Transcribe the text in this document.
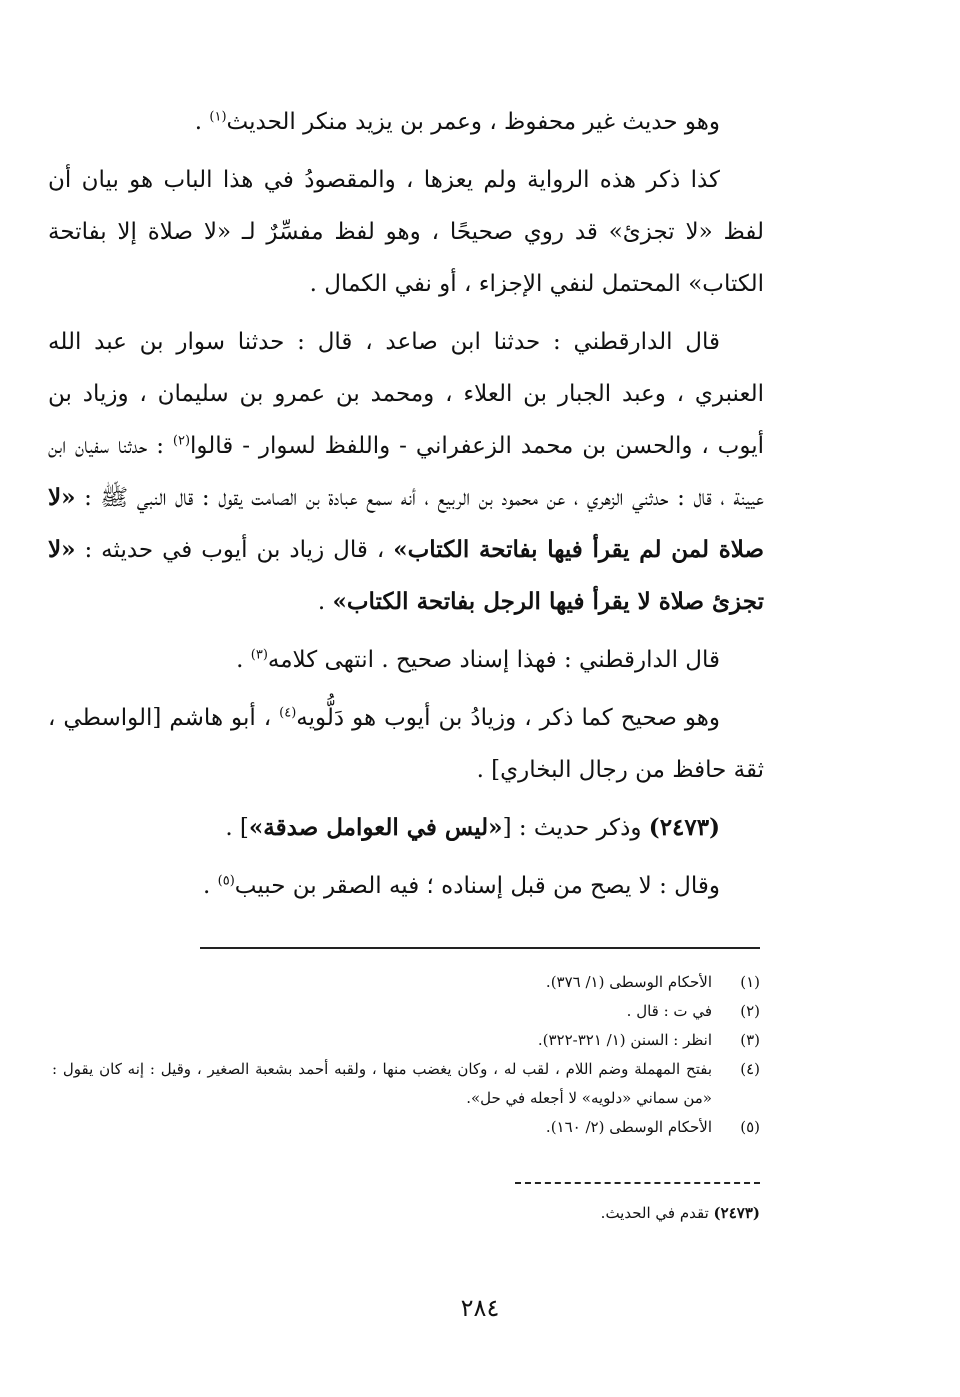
وهو حديث غير محفوظ ، وعمر بن يزيد منكر الحديث$^{(١)}$ .

كذا ذكر هذه الرواية ولم يعزها ، والمقصودُ في هذا الباب هو بيان أن لفظ «لا تجزئ» قد روي صحيحًا ، وهو لفظ مفسِّرٌ لـ «لا صلاة إلا بفاتحة الكتاب» المحتمل لنفي الإجزاء ، أو نفي الكمال .

قال الدارقطني : حدثنا ابن صاعد ، قال : حدثنا سوار بن عبد الله العنبري ، وعبد الجبار بن العلاء ، ومحمد بن عمرو بن سليمان ، وزياد بن أيوب ، والحسن بن محمد الزعفراني - واللفظ لسوار - قالوا$^{(٢)}$ : حدثنا سفيان ابن عيينة ، قال : حدثني الزهري ، عن محمود بن الربيع ، أنه سمع عبادة بن الصامت يقول : قال النبي ﷺ : «لا صلاة لمن لم يقرأ فيها بفاتحة الكتاب» ، قال زياد بن أيوب في حديثه : «لا تجزئ صلاة لا يقرأ فيها الرجل بفاتحة الكتاب» .

قال الدارقطني : فهذا إسناد صحيح . انتهى كلامه$^{(٣)}$ .

وهو صحيح كما ذكر ، وزيادُ بن أيوب هو دَلُّويه$^{(٤)}$ ، أبو هاشم [الواسطي ، ثقة حافظ من رجال البخاري] .

(٢٤٧٣) وذكر حديث : [«ليس في العوامل صدقة»] .

وقال : لا يصح من قبل إسناده ؛ فيه الصقر بن حبيب$^{(٥)}$ .

(١)
الأحكام الوسطى (١/ ٣٧٦).
(٢)
في ت : قال .
(٣)
انظر : السنن (١/ ٣٢١-٣٢٢).
(٤)
بفتح المهملة وضم اللام ، لقب له ، وكان يغضب منها ، ولقبه أحمد بشعبة الصغير ، وقيل : إنه كان يقول : «من سماني «دلويه» لا أجعله في حل».
(٥)
الأحكام الوسطى (٢/ ١٦٠).
(٢٤٧٣) تقدم في الحديث.
٢٨٤
